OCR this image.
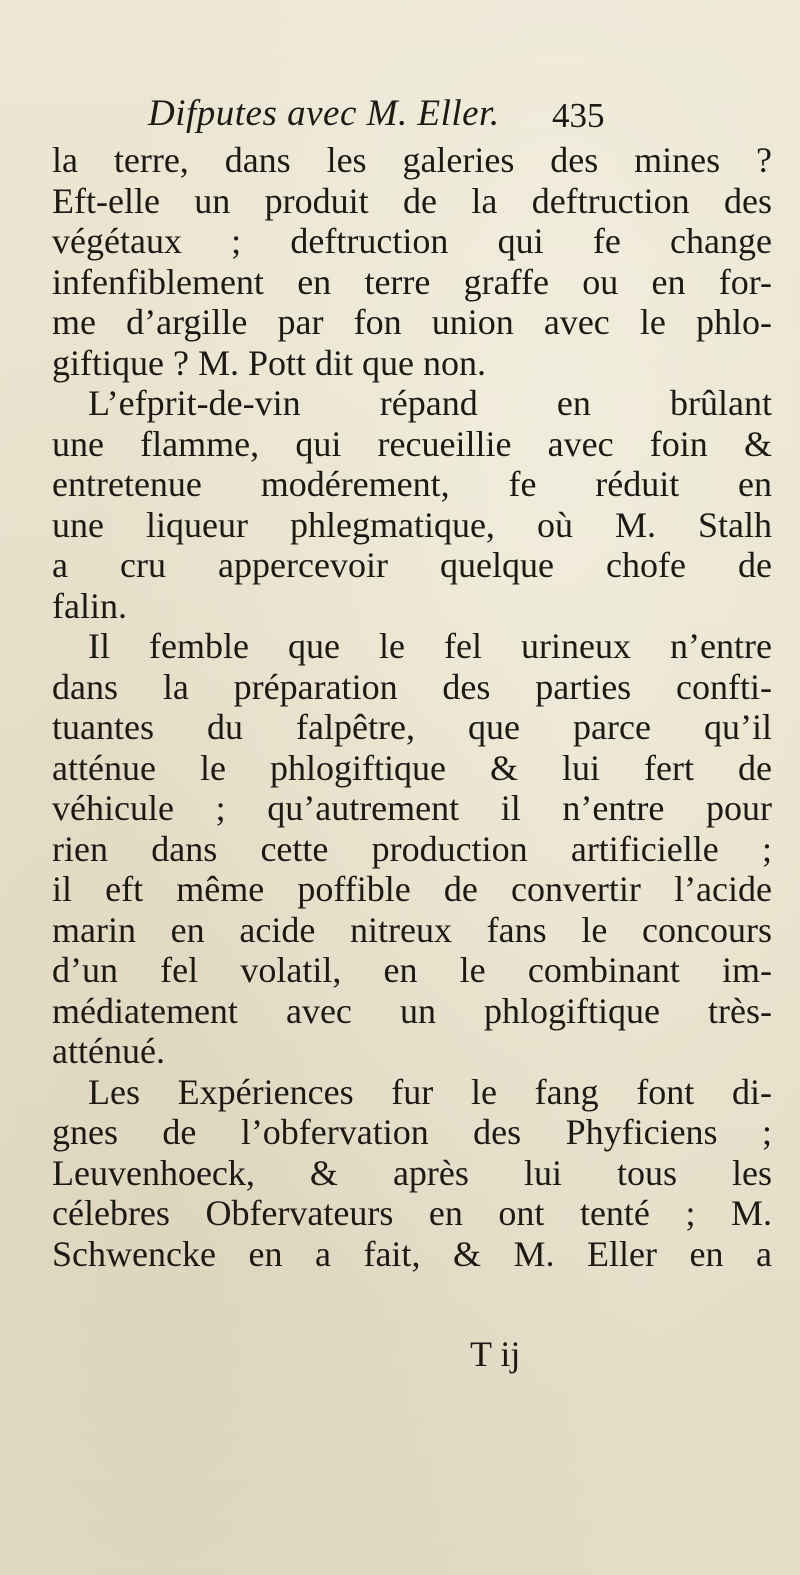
Difputes avec M. Eller. 435
la terre, dans les galeries des mines ?
Eft-elle un produit de la deftruction des
végétaux ; deftruction qui fe change
infenfiblement en terre graffe ou en for-
me d’argille par fon union avec le phlo-
giftique ? M. Pott dit que non.
L’efprit-de-vin répand en brûlant
une flamme, qui recueillie avec foin &
entretenue modérement, fe réduit en
une liqueur phlegmatique, où M. Stalh
a cru appercevoir quelque chofe de
falin.
Il femble que le fel urineux n’entre
dans la préparation des parties confti-
tuantes du falpêtre, que parce qu’il
atténue le phlogiftique & lui fert de
véhicule ; qu’autrement il n’entre pour
rien dans cette production artificielle ;
il eft même poffible de convertir l’acide
marin en acide nitreux fans le concours
d’un fel volatil, en le combinant im-
médiatement avec un phlogiftique très-
atténué.
Les Expériences fur le fang font di-
gnes de l’obfervation des Phyficiens ;
Leuvenhoeck, & après lui tous les
célebres Obfervateurs en ont tenté ; M.
Schwencke en a fait, & M. Eller en a
T ij
